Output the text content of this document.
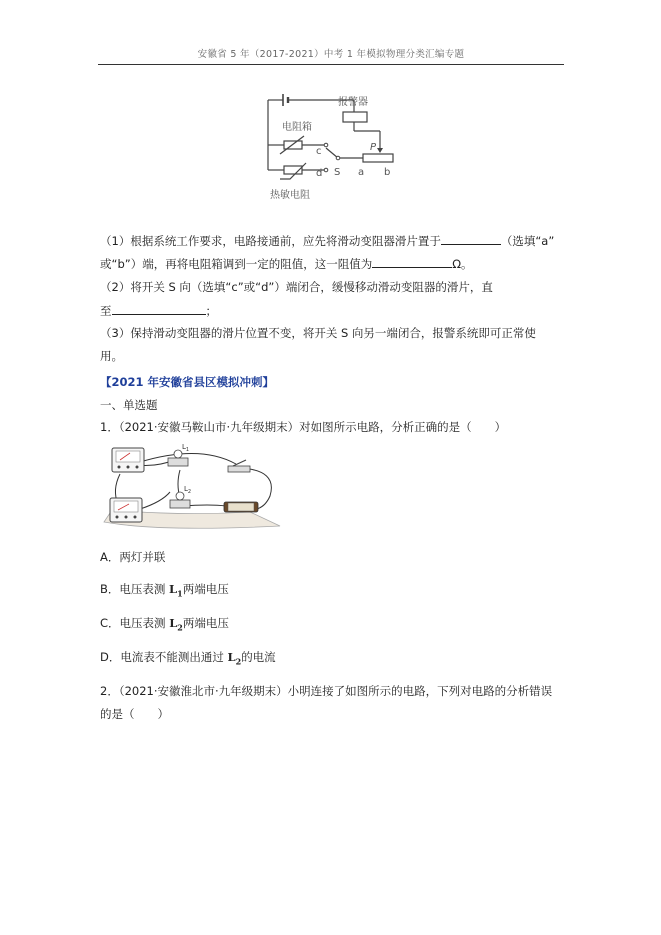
安徽省 5 年（2017-2021）中考 1 年模拟物理分类汇编专题
报警器
电阻箱
热敏电阻
c
d S a b
P
（1）根据系统工作要求，电路接通前，应先将滑动变阻器滑片置于	（选填“a”
或“b”）端，再将电阻箱调到一定的阻值，这一阻值为	Ω。
（2）将开关 S 向（选填“c”或“d”）端闭合，缓慢移动滑动变阻器的滑片，直
至	；
（3）保持滑动变阻器的滑片位置不变，将开关 S 向另一端闭合，报警系统即可正常使
用。
【2021 年安徽省县区模拟冲刺】
一、单选题
1．（2021·安徽马鞍山市·九年级期末）对如图所示电路，分析正确的是（　　）
$L_1$
$L_2$
A．两灯并联
B．电压表测 $L_1$两端电压
C．电压表测 $L_2$两端电压
D．电流表不能测出通过 $L_2$的电流
2．（2021·安徽淮北市·九年级期末）小明连接了如图所示的电路，下列对电路的分析错误
的是（　　）
